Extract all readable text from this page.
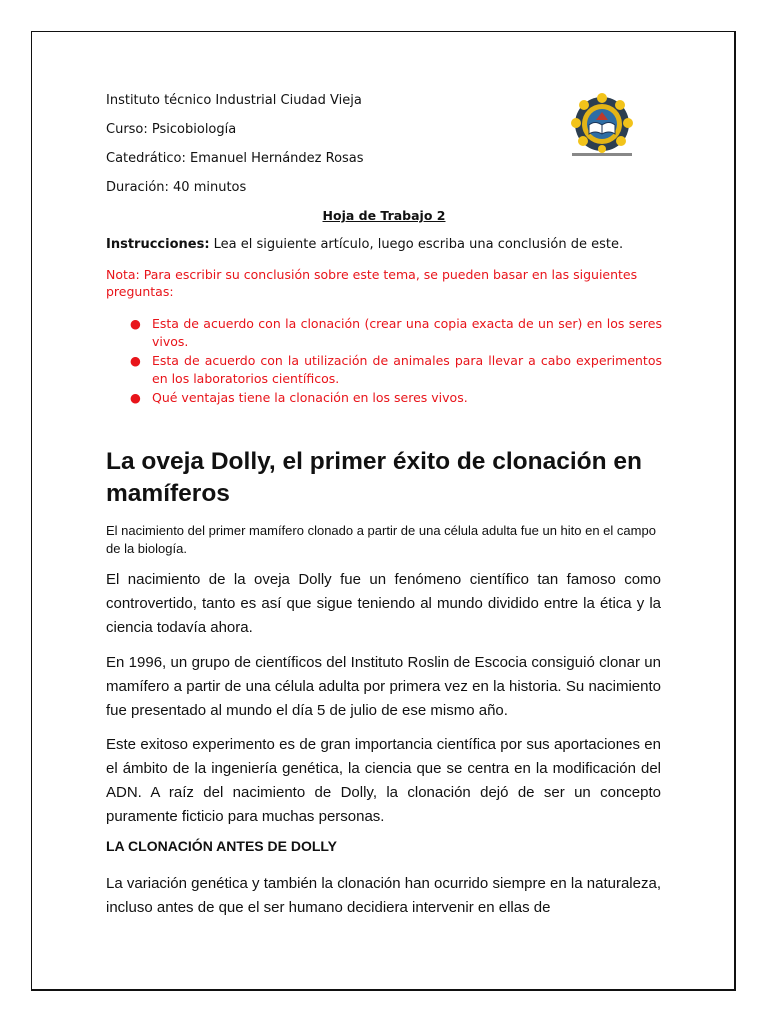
Instituto técnico Industrial Ciudad Vieja
Curso: Psicobiología
Catedrático: Emanuel Hernández Rosas
Duración: 40 minutos
Hoja de Trabajo 2
Instrucciones: Lea el siguiente artículo, luego escriba una conclusión de este.
Nota: Para escribir su conclusión sobre este tema, se pueden basar en las siguientes preguntas:
● Esta de acuerdo con la clonación (crear una copia exacta de un ser) en los seres vivos.
● Esta de acuerdo con la utilización de animales para llevar a cabo experimentos en los laboratorios científicos.
● Qué ventajas tiene la clonación en los seres vivos.
La oveja Dolly, el primer éxito de clonación en mamíferos
El nacimiento del primer mamífero clonado a partir de una célula adulta fue un hito en el campo de la biología.

El nacimiento de la oveja Dolly fue un fenómeno científico tan famoso como controvertido, tanto es así que sigue teniendo al mundo dividido entre la ética y la ciencia todavía ahora.

En 1996, un grupo de científicos del Instituto Roslin de Escocia consiguió clonar un mamífero a partir de una célula adulta por primera vez en la historia. Su nacimiento fue presentado al mundo el día 5 de julio de ese mismo año.

Este exitoso experimento es de gran importancia científica por sus aportaciones en el ámbito de la ingeniería genética, la ciencia que se centra en la modificación del ADN. A raíz del nacimiento de Dolly, la clonación dejó de ser un concepto puramente ficticio para muchas personas.

LA CLONACIÓN ANTES DE DOLLY

La variación genética y también la clonación han ocurrido siempre en la naturaleza, incluso antes de que el ser humano decidiera intervenir en ellas de
